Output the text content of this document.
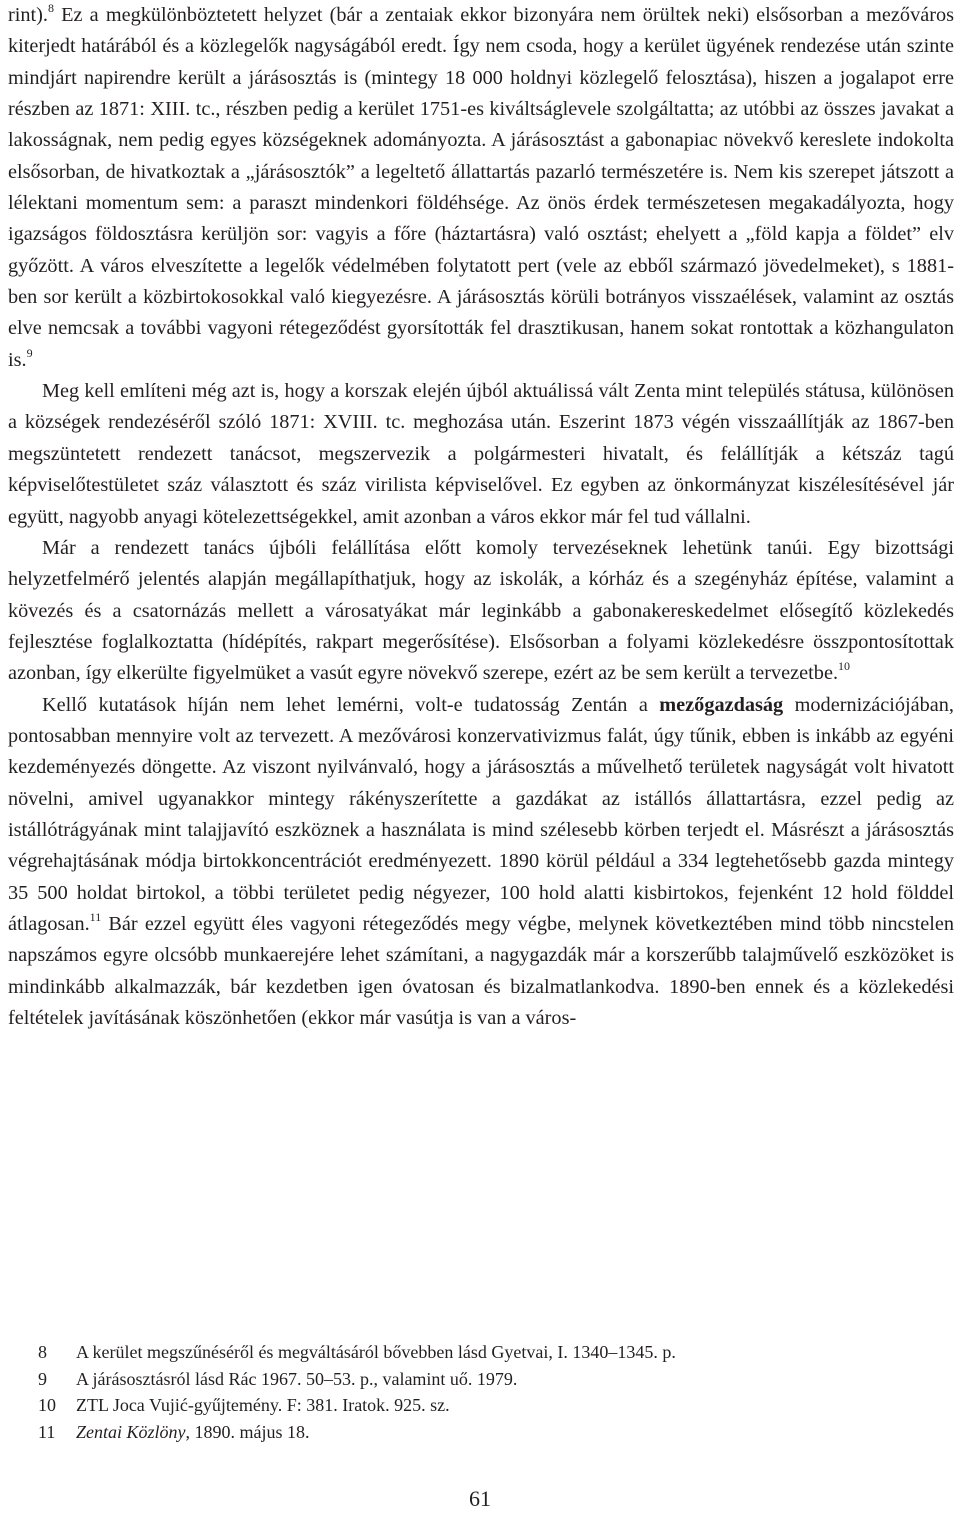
rint).$^8$ Ez a megkülönböztetett helyzet (bár a zentaiak ekkor bizonyára nem örültek neki) elsősorban a mezőváros kiterjedt határából és a közlegelők nagyságából eredt. Így nem csoda, hogy a kerület ügyének rendezése után szinte mindjárt napirendre került a járásosztás is (mintegy 18 000 holdnyi közlegelő felosztása), hiszen a jogalapot erre részben az 1871: XIII. tc., részben pedig a kerület 1751-es kiváltságlevele szolgáltatta; az utóbbi az összes javakat a lakosságnak, nem pedig egyes községeknek adományozta. A járásosztást a gabonapiac növekvő kereslete indokolta elsősorban, de hivatkoztak a „járásosztók” a legeltető állattartás pazarló természetére is. Nem kis szerepet játszott a lélektani momentum sem: a paraszt mindenkori földéhsége. Az önös érdek természetesen megakadályozta, hogy igazságos földosztásra kerüljön sor: vagyis a főre (háztartásra) való osztást; ehelyett a „föld kapja a földet” elv győzött. A város elveszítette a legelők védelmében folytatott pert (vele az ebből származó jövedelmeket), s 1881-ben sor került a közbirtokosokkal való kiegyezésre. A járásosztás körüli botrányos visszaélések, valamint az osztás elve nemcsak a további vagyoni rétegeződést gyorsították fel drasztikusan, hanem sokat rontottak a közhangulaton is.$^9$

Meg kell említeni még azt is, hogy a korszak elején újból aktuálissá vált Zenta mint település státusa, különösen a községek rendezéséről szóló 1871: XVIII. tc. meghozása után. Eszerint 1873 végén visszaállítják az 1867-ben megszüntetett rendezett tanácsot, megszervezik a polgármesteri hivatalt, és felállítják a kétszáz tagú képviselőtestületet száz választott és száz virilista képviselővel. Ez egyben az önkormányzat kiszélesítésével jár együtt, nagyobb anyagi kötelezettségekkel, amit azonban a város ekkor már fel tud vállalni.

Már a rendezett tanács újbóli felállítása előtt komoly tervezéseknek lehetünk tanúi. Egy bizottsági helyzetfelmérő jelentés alapján megállapíthatjuk, hogy az iskolák, a kórház és a szegényház építése, valamint a kövezés és a csatornázás mellett a városatyákat már leginkább a gabonakereskedelmet elősegítő közlekedés fejlesztése foglalkoztatta (hídépítés, rakpart megerősítése). Elsősorban a folyami közlekedésre összpontosítottak azonban, így elkerülte figyelmüket a vasút egyre növekvő szerepe, ezért az be sem került a tervezetbe.$^{10}$

Kellő kutatások híján nem lehet lemérni, volt-e tudatosság Zentán a mezőgazdaság modernizációjában, pontosabban mennyire volt az tervezett. A mezővárosi konzervativizmus falát, úgy tűnik, ebben is inkább az egyéni kezdeményezés döngette. Az viszont nyilvánvaló, hogy a járásosztás a művelhető területek nagyságát volt hivatott növelni, amivel ugyanakkor mintegy rákényszerítette a gazdákat az istállós állattartásra, ezzel pedig az istállótrágyának mint talajjavító eszköznek a használata is mind szélesebb körben terjedt el. Másrészt a járásosztás végrehajtásának módja birtokkoncentrációt eredményezett. 1890 körül például a 334 legtehetősebb gazda mintegy 35 500 holdat birtokol, a többi területet pedig négyezer, 100 hold alatti kisbirtokos, fejenként 12 hold földdel átlagosan.$^{11}$ Bár ezzel együtt éles vagyoni rétegeződés megy végbe, melynek következtében mind több nincstelen napszámos egyre olcsóbb munkaerejére lehet számítani, a nagygazdák már a korszerűbb talajművelő eszközöket is mindinkább alkalmazzák, bár kezdetben igen óvatosan és bizalmatlankodva. 1890-ben ennek és a közlekedési feltételek javításának köszönhetően (ekkor már vasútja is van a város-

8	A kerület megszűnéséről és megváltásáról bővebben lásd Gyetvai, I. 1340–1345. p.
9	A járásosztásról lásd Rác 1967. 50–53. p., valamint uő. 1979.
10	ZTL Joca Vujić-gyűjtemény. F: 381. Iratok. 925. sz.
11	Zentai Közlöny, 1890. május 18.
61
